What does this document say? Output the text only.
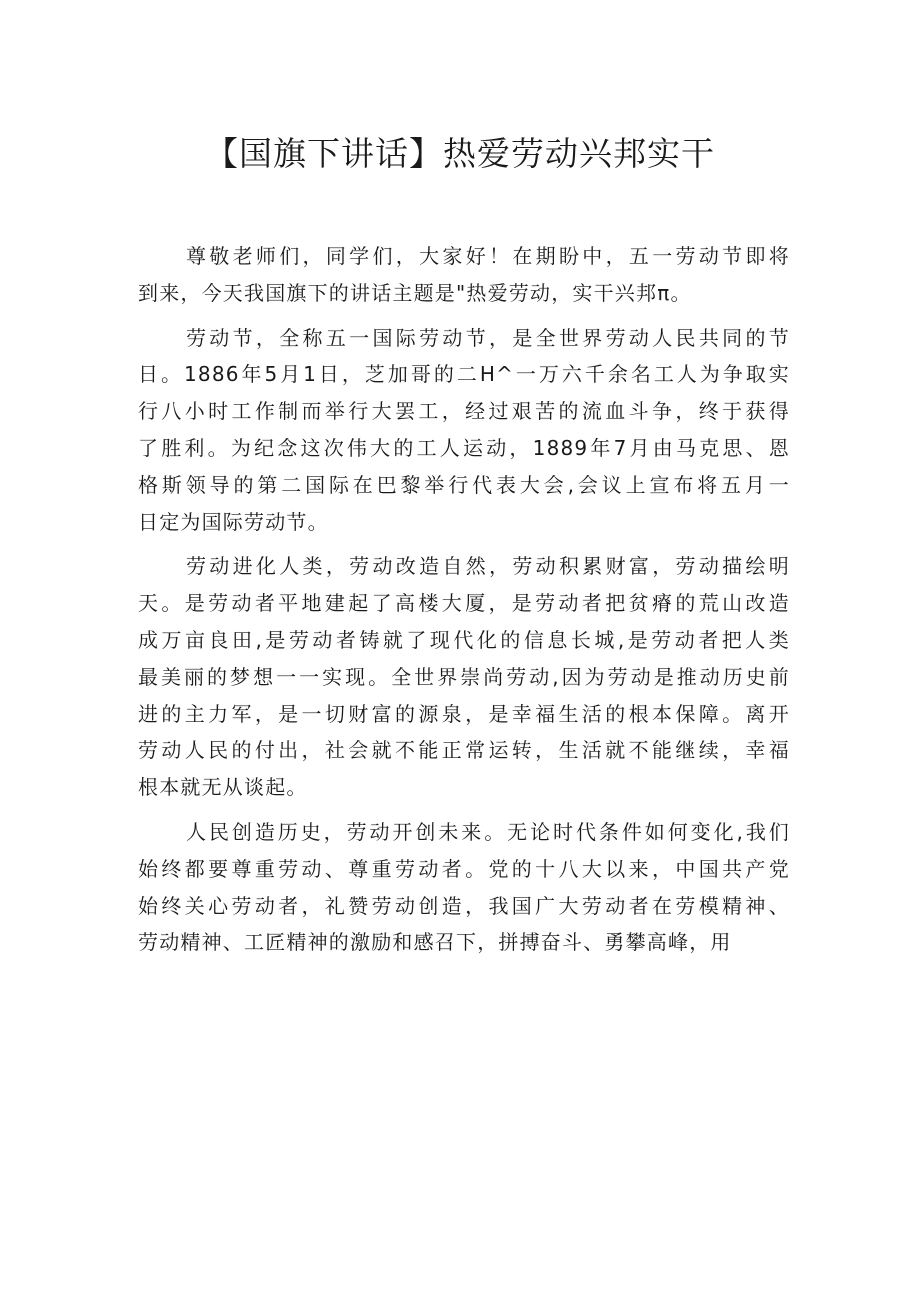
【国旗下讲话】热爱劳动兴邦实干
尊敬老师们，同学们，大家好！在期盼中，五一劳动节即将
到来，今天我国旗下的讲话主题是"热爱劳动，实干兴邦π。
劳动节，全称五一国际劳动节，是全世界劳动人民共同的节
日。1886年5月1日，芝加哥的二H^一万六千余名工人为争取实
行八小时工作制而举行大罢工，经过艰苦的流血斗争，终于获得
了胜利。为纪念这次伟大的工人运动，1889年7月由马克思、恩
格斯领导的第二国际在巴黎举行代表大会,会议上宣布将五月一
日定为国际劳动节。
劳动进化人类，劳动改造自然，劳动积累财富，劳动描绘明
天。是劳动者平地建起了高楼大厦，是劳动者把贫瘠的荒山改造
成万亩良田,是劳动者铸就了现代化的信息长城,是劳动者把人类
最美丽的梦想一一实现。全世界崇尚劳动,因为劳动是推动历史前
进的主力军，是一切财富的源泉，是幸福生活的根本保障。离开
劳动人民的付出，社会就不能正常运转，生活就不能继续，幸福
根本就无从谈起。
人民创造历史，劳动开创未来。无论时代条件如何变化,我们
始终都要尊重劳动、尊重劳动者。党的十八大以来，中国共产党
始终关心劳动者，礼赞劳动创造，我国广大劳动者在劳模精神、
劳动精神、工匠精神的激励和感召下，拼搏奋斗、勇攀高峰，用
